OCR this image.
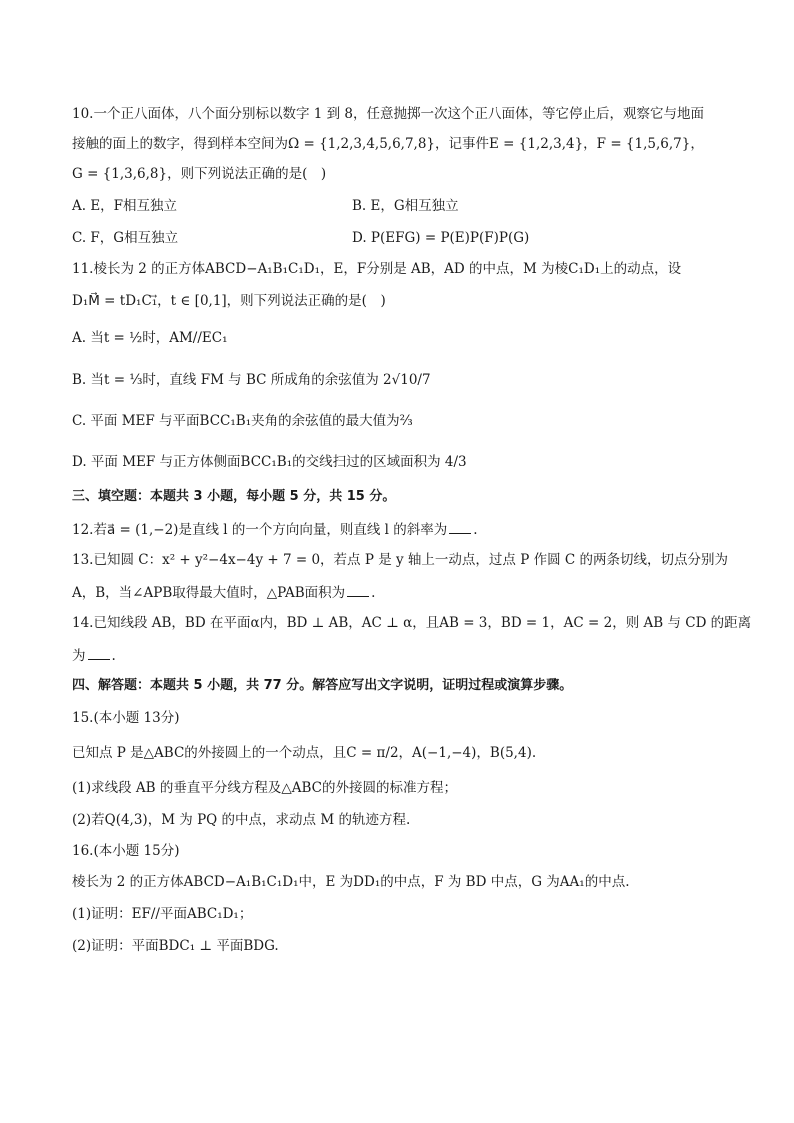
10.一个正八面体，八个面分别标以数字 1 到 8，任意抛掷一次这个正八面体，等它停止后，观察它与地面
接触的面上的数字，得到样本空间为Ω = {1,2,3,4,5,6,7,8}，记事件E = {1,2,3,4}，F = {1,5,6,7}，
G = {1,3,6,8}，则下列说法正确的是(　)
A. E，F相互独立	B. E，G相互独立
C. F，G相互独立	D. P(EFG) = P(E)P(F)P(G)
11.棱长为 2 的正方体ABCD−A₁B₁C₁D₁，E，F分别是 AB，AD 的中点，M 为棱C₁D₁上的动点，设
D₁M⃗ = tD₁C₁⃗，t ∈ [0,1]，则下列说法正确的是(　)
A. 当t = ½时，AM//EC₁
B. 当t = ⅓时，直线 FM 与 BC 所成角的余弦值为 2√10/7
C. 平面 MEF 与平面BCC₁B₁夹角的余弦值的最大值为⅔
D. 平面 MEF 与正方体侧面BCC₁B₁的交线扫过的区域面积为 4/3
三、填空题：本题共 3 小题，每小题 5 分，共 15 分。
12.若a⃗ = (1,−2)是直线 l 的一个方向向量，则直线 l 的斜率为 .
13.已知圆 C：x² + y²−4x−4y + 7 = 0，若点 P 是 y 轴上一动点，过点 P 作圆 C 的两条切线，切点分别为
A，B，当∠APB取得最大值时，△PAB面积为 .
14.已知线段 AB，BD 在平面α内，BD ⊥ AB，AC ⊥ α，且AB = 3，BD = 1，AC = 2，则 AB 与 CD 的距离
为 .
四、解答题：本题共 5 小题，共 77 分。解答应写出文字说明，证明过程或演算步骤。
15.(本小题 13分)
已知点 P 是△ABC的外接圆上的一个动点，且C = π/2，A(−1,−4)，B(5,4).
(1)求线段 AB 的垂直平分线方程及△ABC的外接圆的标准方程；
(2)若Q(4,3)，M 为 PQ 的中点，求动点 M 的轨迹方程.
16.(本小题 15分)
棱长为 2 的正方体ABCD−A₁B₁C₁D₁中，E 为DD₁的中点，F 为 BD 中点，G 为AA₁的中点.
(1)证明：EF//平面ABC₁D₁；
(2)证明：平面BDC₁ ⊥ 平面BDG.
